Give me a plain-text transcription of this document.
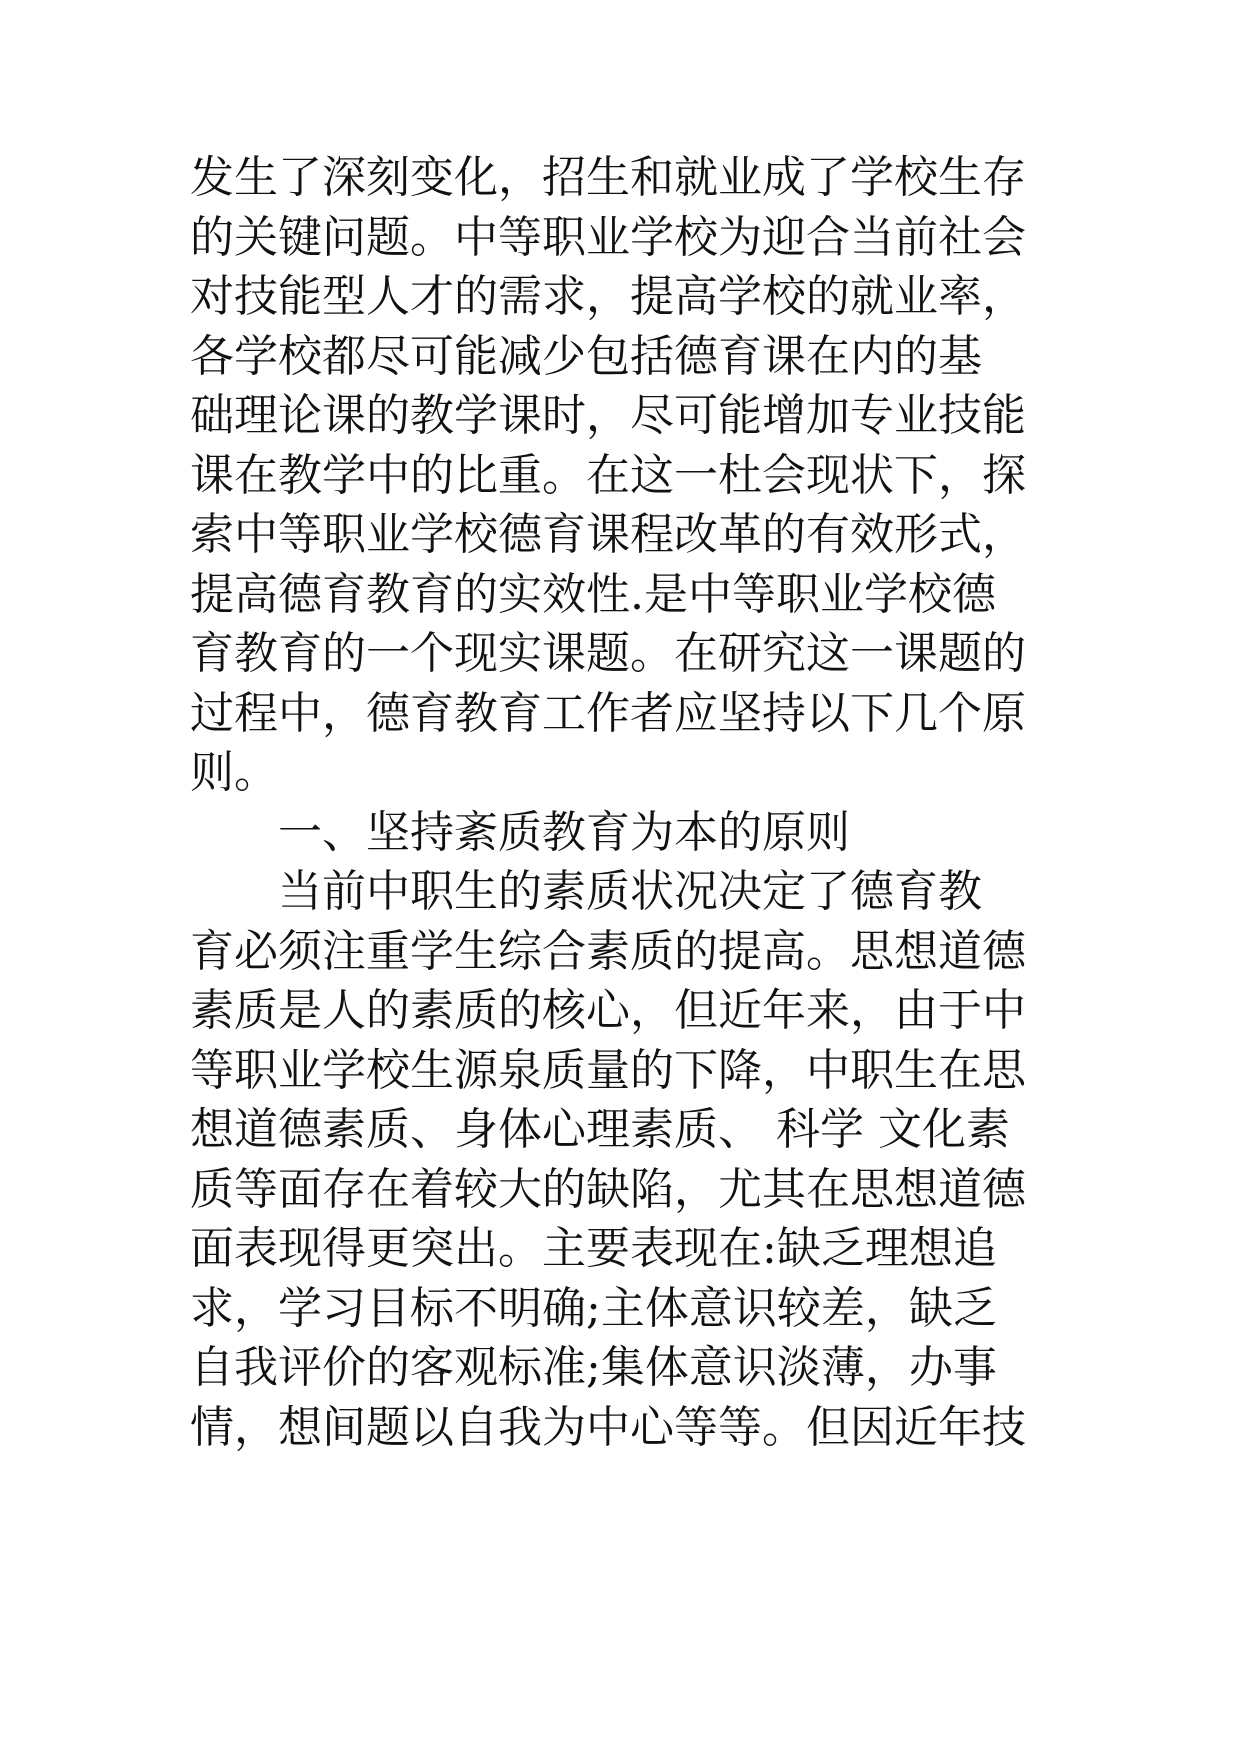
发生了深刻变化，招生和就业成了学校生存
的关键问题。中等职业学校为迎合当前社会
对技能型人才的需求，提高学校的就业率，
各学校都尽可能减少包括德育课在内的基
础理论课的教学课时，尽可能增加专业技能
课在教学中的比重。在这一杜会现状下，探
索中等职业学校德育课程改革的有效形式，
提高德育教育的实效性.是中等职业学校德
育教育的一个现实课题。在研究这一课题的
过程中，德育教育工作者应坚持以下几个原
则。
一、坚持紊质教育为本的原则
当前中职生的素质状况决定了德育教
育必须注重学生综合素质的提高。思想道德
素质是人的素质的核心，但近年来，由于中
等职业学校生源泉质量的下降，中职生在思
想道德素质、身体心理素质、 科学 文化素
质等面存在着较大的缺陷，尤其在思想道德
面表现得更突出。主要表现在:缺乏理想追
求，学习目标不明确;主体意识较差，缺乏
自我评价的客观标准;集体意识淡薄，办事
情，想间题以自我为中心等等。但因近年技
